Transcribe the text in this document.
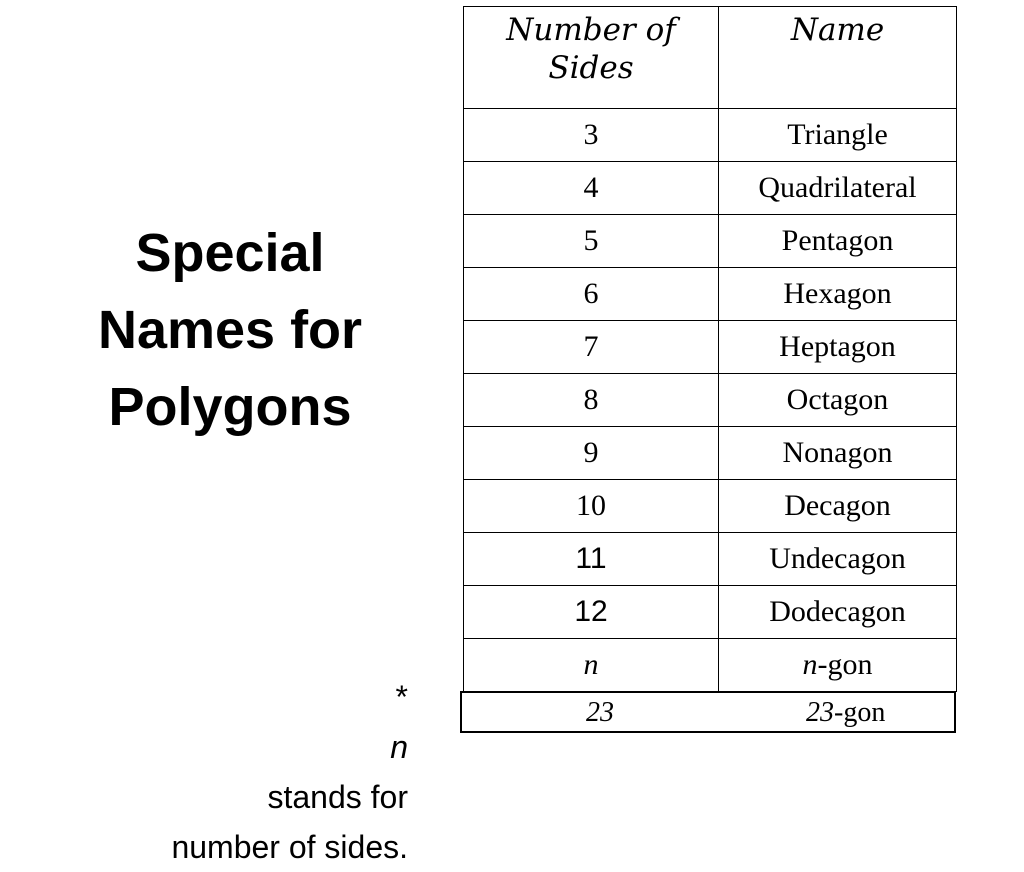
Special
Names for
Polygons
Number of
Sides	Name
3	Triangle
4	Quadrilateral
5	Pentagon
6	Hexagon
7	Heptagon
8	Octagon
9	Nonagon
10	Decagon
11	Undecagon
12	Dodecagon
n	n-gon
23	23-gon
*
n
stands for
number of sides.
